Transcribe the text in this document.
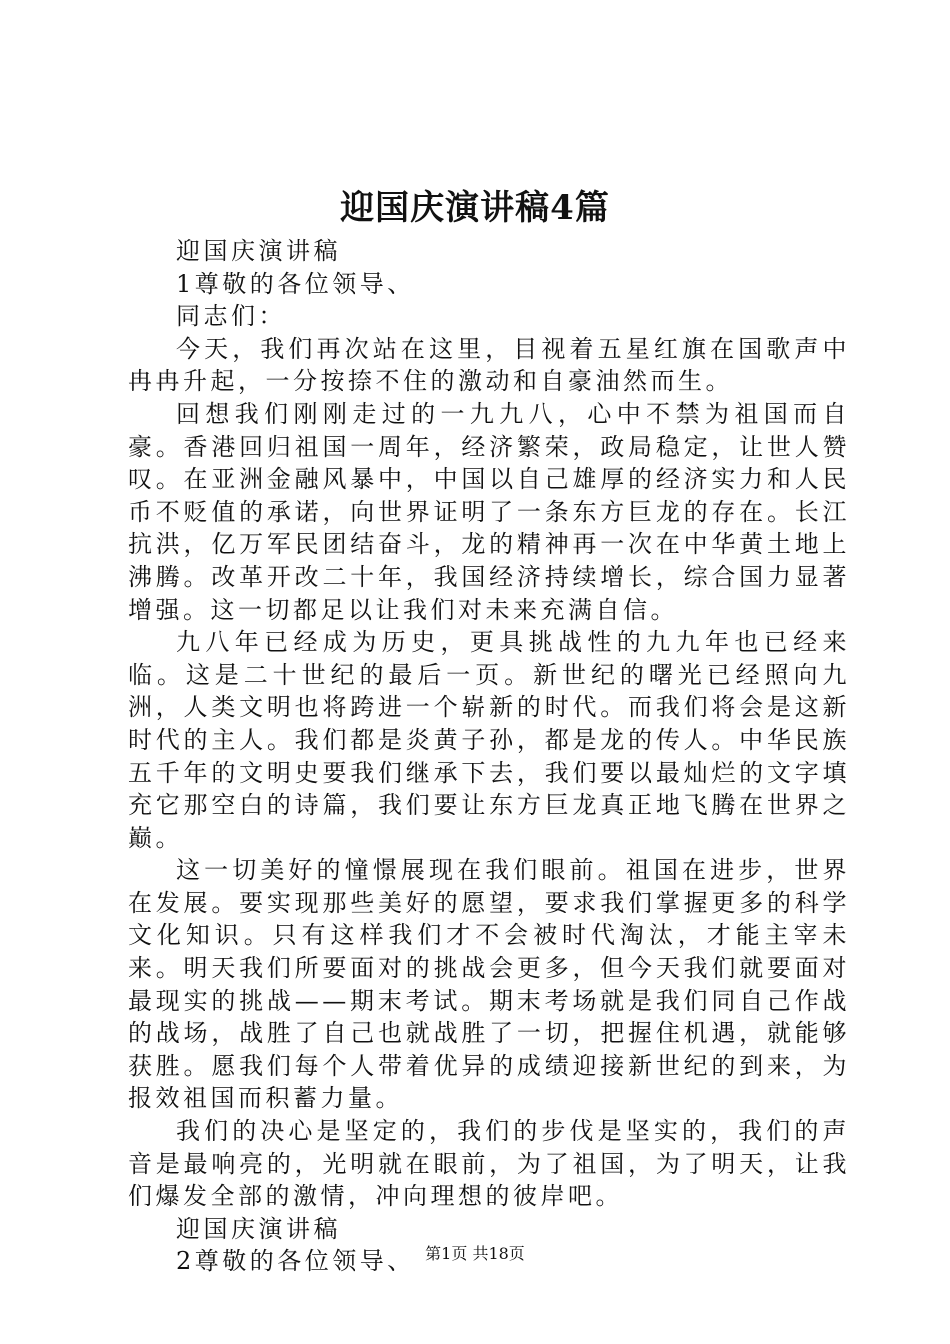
迎国庆演讲稿4篇

迎国庆演讲稿

1尊敬的各位领导、

同志们：

今天，我们再次站在这里，目视着五星红旗在国歌声中冉冉升起，一分按捺不住的激动和自豪油然而生。

回想我们刚刚走过的一九九八，心中不禁为祖国而自豪。香港回归祖国一周年，经济繁荣，政局稳定，让世人赞叹。在亚洲金融风暴中，中国以自己雄厚的经济实力和人民币不贬值的承诺，向世界证明了一条东方巨龙的存在。长江抗洪，亿万军民团结奋斗，龙的精神再一次在中华黄土地上沸腾。改革开改二十年，我国经济持续增长，综合国力显著增强。这一切都足以让我们对未来充满自信。

九八年已经成为历史，更具挑战性的九九年也已经来临。这是二十世纪的最后一页。新世纪的曙光已经照向九洲，人类文明也将跨进一个崭新的时代。而我们将会是这新时代的主人。我们都是炎黄子孙，都是龙的传人。中华民族五千年的文明史要我们继承下去，我们要以最灿烂的文字填充它那空白的诗篇，我们要让东方巨龙真正地飞腾在世界之巅。

这一切美好的憧憬展现在我们眼前。祖国在进步，世界在发展。要实现那些美好的愿望，要求我们掌握更多的科学文化知识。只有这样我们才不会被时代淘汰，才能主宰未来。明天我们所要面对的挑战会更多，但今天我们就要面对最现实的挑战——期末考试。期末考场就是我们同自己作战的战场，战胜了自己也就战胜了一切，把握住机遇，就能够获胜。愿我们每个人带着优异的成绩迎接新世纪的到来，为报效祖国而积蓄力量。

我们的决心是坚定的，我们的步伐是坚实的，我们的声音是最响亮的，光明就在眼前，为了祖国，为了明天，让我们爆发全部的激情，冲向理想的彼岸吧。

迎国庆演讲稿

2尊敬的各位领导、 第1页 共18页
